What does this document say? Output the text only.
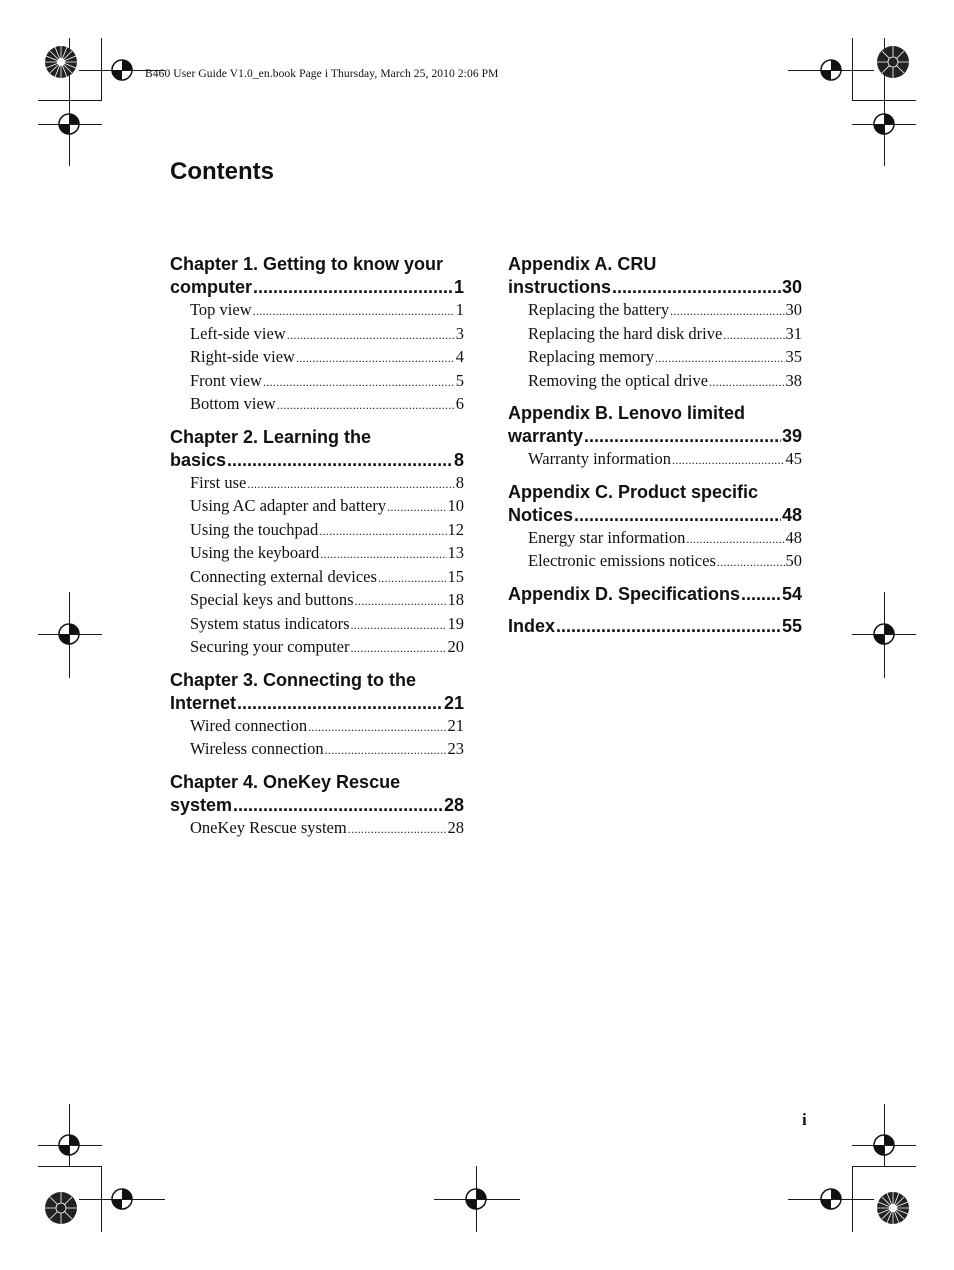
B460 User Guide V1.0_en.book Page i Thursday, March 25, 2010 2:06 PM
Contents
Chapter 1. Getting to know your
computer .....	1
Top view .....	1
Left-side view .....	3
Right-side view .....	4
Front view .....	5
Bottom view .....	6
Chapter 2. Learning the
basics .....	8
First use .....	8
Using AC adapter and battery .....	10
Using the touchpad .....	12
Using the keyboard .....	13
Connecting external devices .....	15
Special keys and buttons .....	18
System status indicators .....	19
Securing your computer .....	20
Chapter 3. Connecting to the
Internet .....	21
Wired connection .....	21
Wireless connection .....	23
Chapter 4. OneKey Rescue
system .....	28
OneKey Rescue system .....	28
Appendix A. CRU
instructions .....	30
Replacing the battery .....	30
Replacing the hard disk drive .....	31
Replacing memory .....	35
Removing the optical drive .....	38
Appendix B. Lenovo limited
warranty .....	39
Warranty information .....	45
Appendix C. Product specific
Notices .....	48
Energy star information .....	48
Electronic emissions notices .....	50
Appendix D. Specifications ..... 54
Index .....	55
i
